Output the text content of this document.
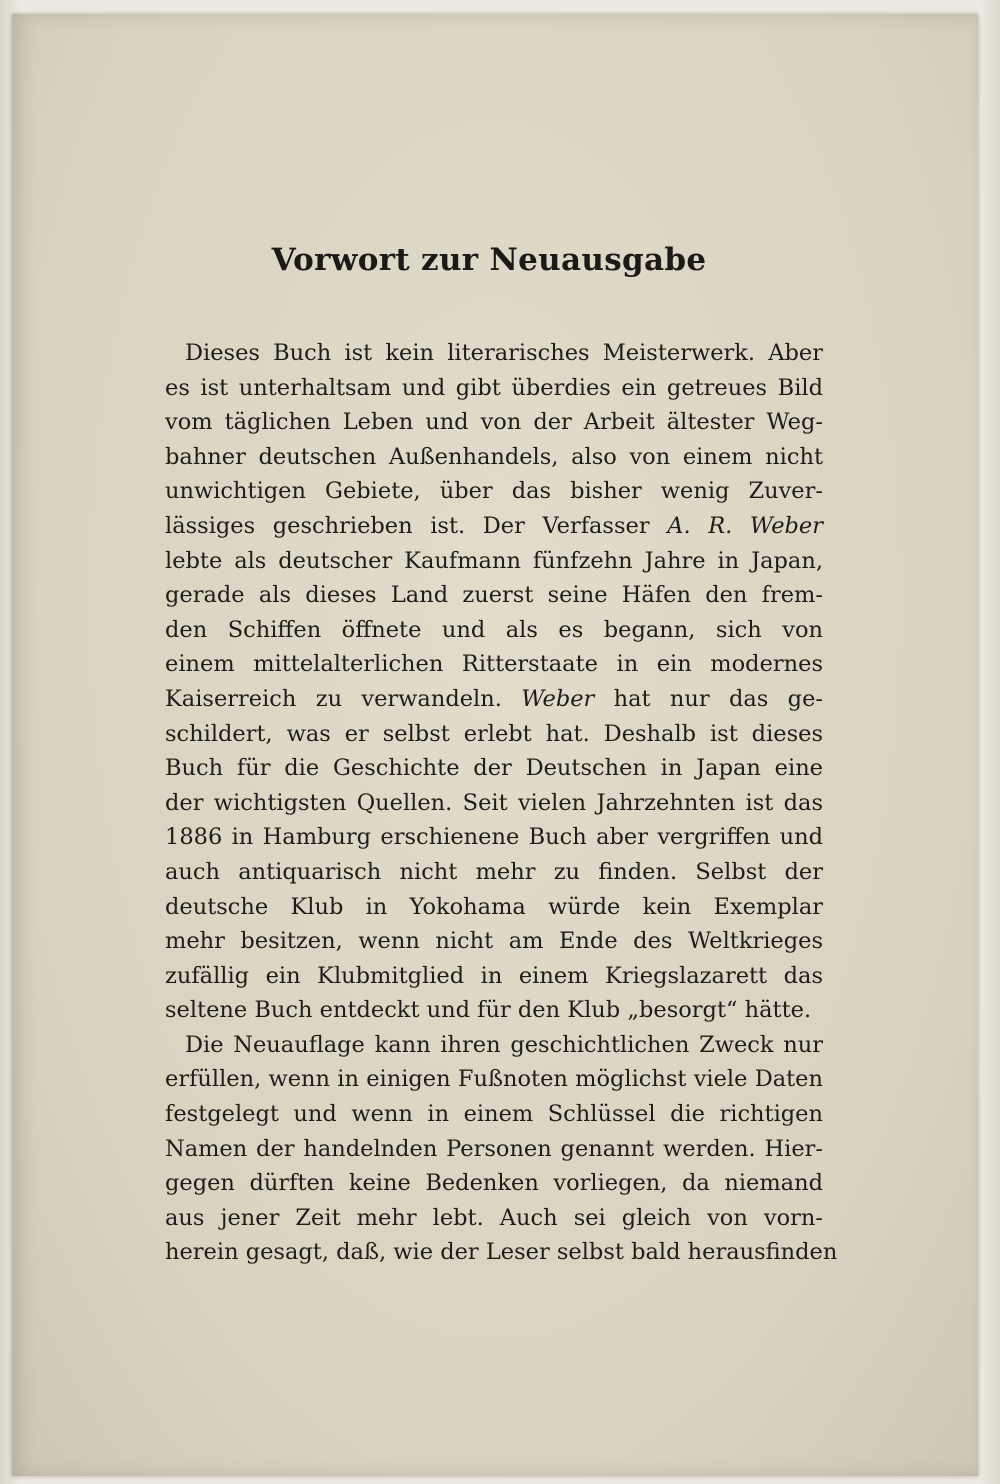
Vorwort zur Neuausgabe
Dieses Buch ist kein literarisches Meisterwerk. Aber
es ist unterhaltsam und gibt überdies ein getreues Bild
vom täglichen Leben und von der Arbeit ältester Weg-
bahner deutschen Außenhandels, also von einem nicht
unwichtigen Gebiete, über das bisher wenig Zuver-
lässiges geschrieben ist. Der Verfasser A. R. Weber
lebte als deutscher Kaufmann fünfzehn Jahre in Japan,
gerade als dieses Land zuerst seine Häfen den frem-
den Schiffen öffnete und als es begann, sich von
einem mittelalterlichen Ritterstaate in ein modernes
Kaiserreich zu verwandeln. Weber hat nur das ge-
schildert, was er selbst erlebt hat. Deshalb ist dieses
Buch für die Geschichte der Deutschen in Japan eine
der wichtigsten Quellen. Seit vielen Jahrzehnten ist das
1886 in Hamburg erschienene Buch aber vergriffen und
auch antiquarisch nicht mehr zu finden. Selbst der
deutsche Klub in Yokohama würde kein Exemplar
mehr besitzen, wenn nicht am Ende des Weltkrieges
zufällig ein Klubmitglied in einem Kriegslazarett das
seltene Buch entdeckt und für den Klub „besorgt“ hätte.
Die Neuauflage kann ihren geschichtlichen Zweck nur
erfüllen, wenn in einigen Fußnoten möglichst viele Daten
festgelegt und wenn in einem Schlüssel die richtigen
Namen der handelnden Personen genannt werden. Hier-
gegen dürften keine Bedenken vorliegen, da niemand
aus jener Zeit mehr lebt. Auch sei gleich von vorn-
herein gesagt, daß, wie der Leser selbst bald herausfinden
